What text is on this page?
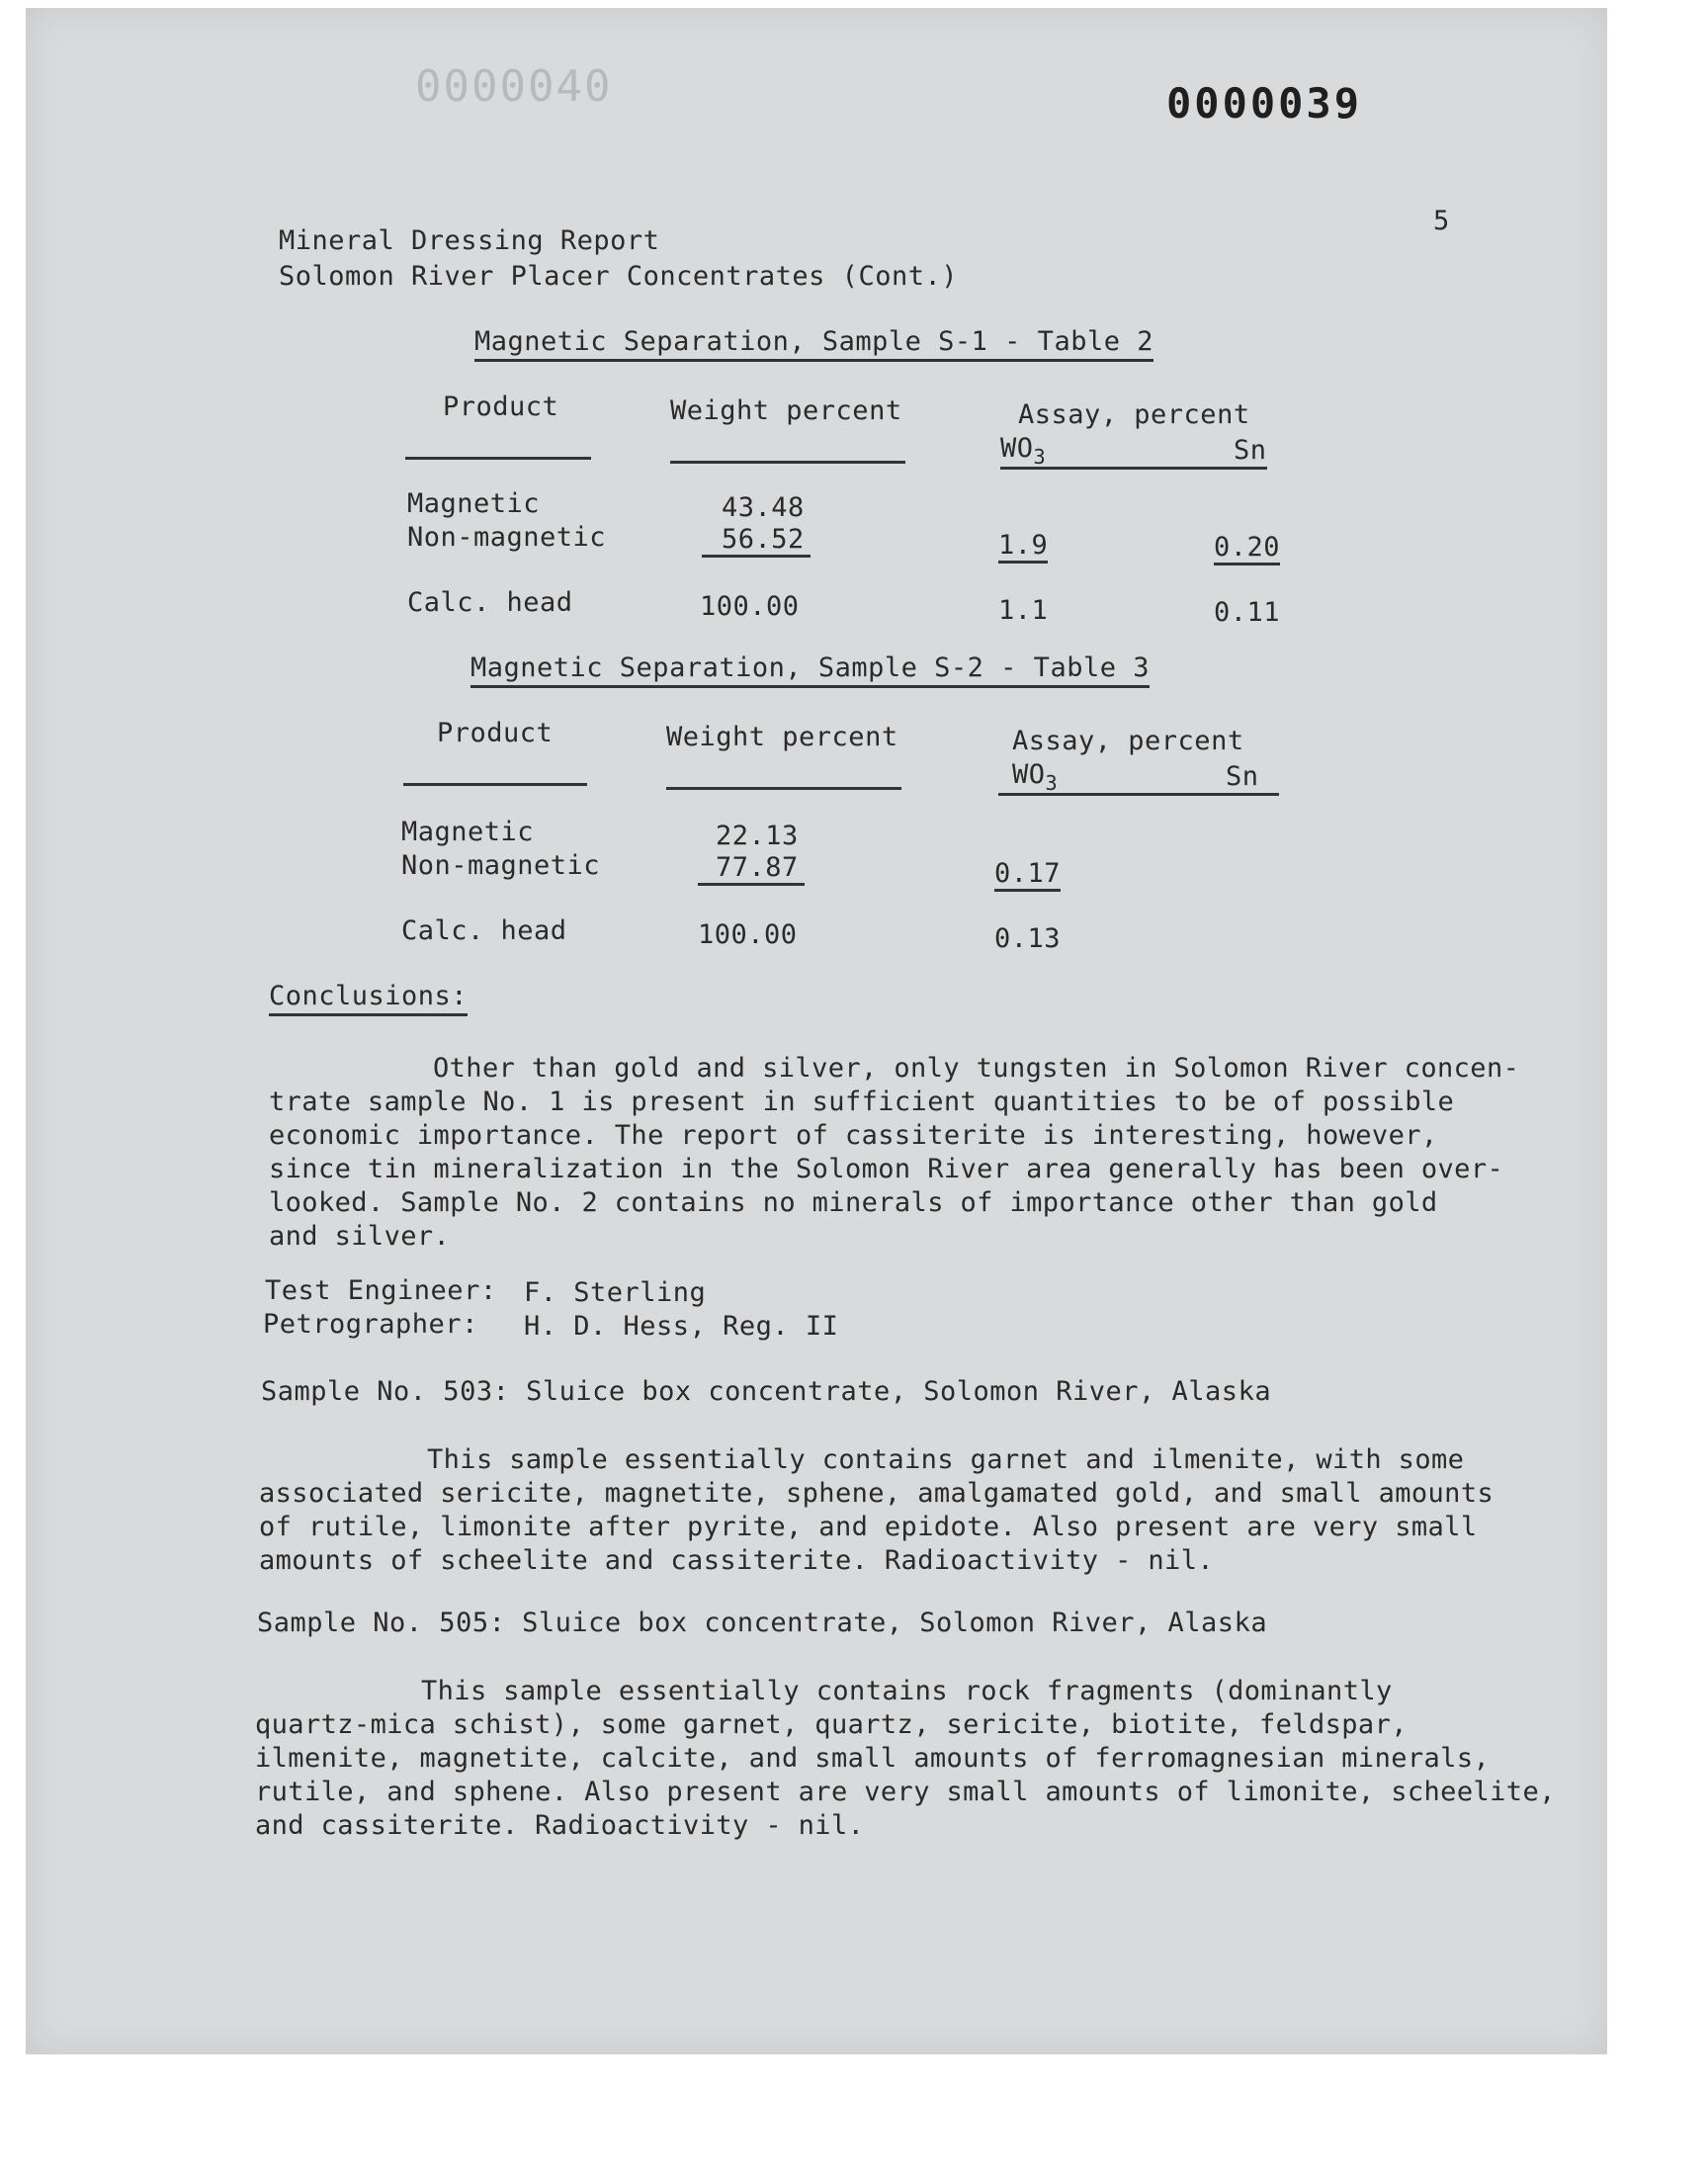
0000040	0000039
5
Mineral Dressing Report
Solomon River Placer Concentrates (Cont.)
Magnetic Separation, Sample S-1 - Table 2
Product	Weight percent	Assay, percent
$WO_3$	Sn
Magnetic	43.48
Non-magnetic	56.52	1.9	0.20
Calc. head	100.00	1.1	0.11
Magnetic Separation, Sample S-2 - Table 3
Product	Weight percent	Assay, percent
$WO_3$	Sn
Magnetic	22.13
Non-magnetic	77.87	0.17
Calc. head	100.00	0.13
Conclusions:
Other than gold and silver, only tungsten in Solomon River concen-
trate sample No. 1 is present in sufficient quantities to be of possible
economic importance. The report of cassiterite is interesting, however,
since tin mineralization in the Solomon River area generally has been over-
looked. Sample No. 2 contains no minerals of importance other than gold
and silver.
Test Engineer: F. Sterling
Petrographer: H. D. Hess, Reg. II
Sample No. 503: Sluice box concentrate, Solomon River, Alaska
This sample essentially contains garnet and ilmenite, with some
associated sericite, magnetite, sphene, amalgamated gold, and small amounts
of rutile, limonite after pyrite, and epidote. Also present are very small
amounts of scheelite and cassiterite. Radioactivity - nil.
Sample No. 505: Sluice box concentrate, Solomon River, Alaska
This sample essentially contains rock fragments (dominantly
quartz-mica schist), some garnet, quartz, sericite, biotite, feldspar,
ilmenite, magnetite, calcite, and small amounts of ferromagnesian minerals,
rutile, and sphene. Also present are very small amounts of limonite, scheelite,
and cassiterite. Radioactivity - nil.
